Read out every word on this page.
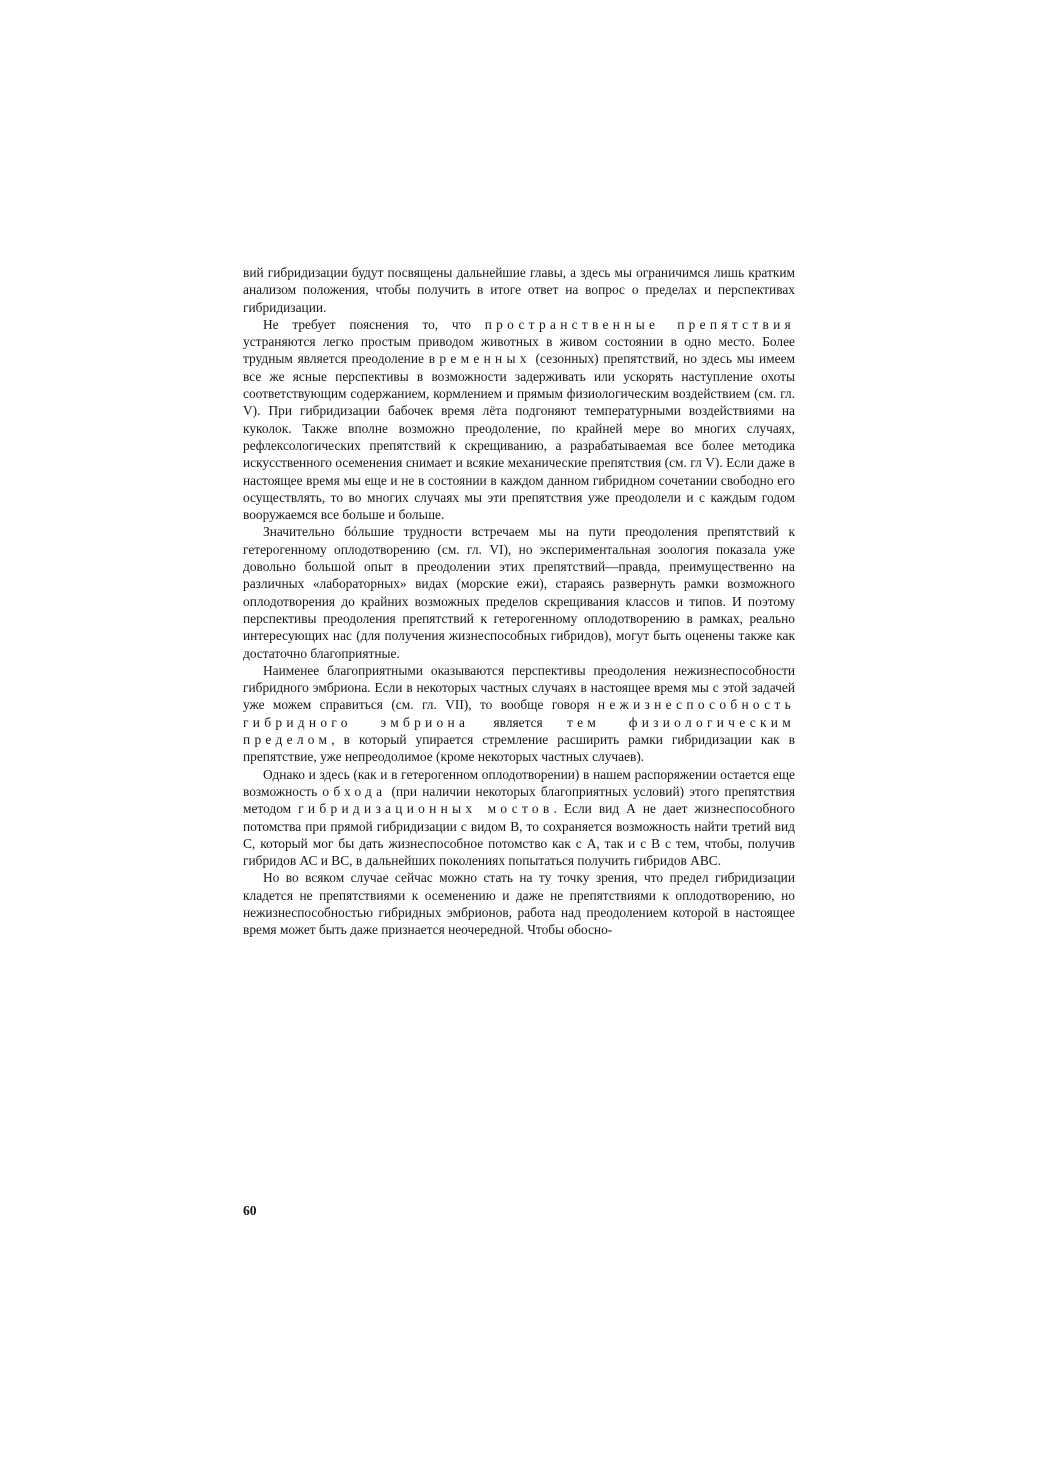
вий гибридизации будут посвящены дальнейшие главы, а здесь мы ограничимся лишь кратким анализом положения, чтобы получить в итоге ответ на вопрос о пределах и перспективах гибридизации.

Не требует пояснения то, что пространственные препятствия устраняются легко простым приводом животных в живом состоянии в одно место. Более трудным является преодоление временных (сезонных) препятствий, но здесь мы имеем все же ясные перспективы в возможности задерживать или ускорять наступление охоты соответствующим содержанием, кормлением и прямым физиологическим воздействием (см. гл. V). При гибридизации бабочек время лёта подгоняют температурными воздействиями на куколок. Также вполне возможно преодоление, по крайней мере во многих случаях, рефлексологических препятствий к скрещиванию, а разрабатываемая все более методика искусственного осеменения снимает и всякие механические препятствия (см. гл V). Если даже в настоящее время мы еще и не в состоянии в каждом данном гибридном сочетании свободно его осуществлять, то во многих случаях мы эти препятствия уже преодолели и с каждым годом вооружаемся все больше и больше.

Значительно бóльшие трудности встречаем мы на пути преодоления препятствий к гетерогенному оплодотворению (см. гл. VI), но экспериментальная зоология показала уже довольно большой опыт в преодолении этих препятствий—правда, преимущественно на различных «лабораторных» видах (морские ежи), стараясь развернуть рамки возможного оплодотворения до крайних возможных пределов скрещивания классов и типов. И поэтому перспективы преодоления препятствий к гетерогенному оплодотворению в рамках, реально интересующих нас (для получения жизнеспособных гибридов), могут быть оценены также как достаточно благоприятные.

Наименее благоприятными оказываются перспективы преодоления нежизнеспособности гибридного эмбриона. Если в некоторых частных случаях в настоящее время мы с этой задачей уже можем справиться (см. гл. VII), то вообще говоря нежизнеспособность гибридного эмбриона является тем физиологическим пределом, в который упирается стремление расширить рамки гибридизации как в препятствие, уже непреодолимое (кроме некоторых частных случаев).

Однако и здесь (как и в гетерогенном оплодотворении) в нашем распоряжении остается еще возможность обхода (при наличии некоторых благоприятных условий) этого препятствия методом гибридизационных мостов. Если вид А не дает жизнеспособного потомства при прямой гибридизации с видом В, то сохраняется возможность найти третий вид С, который мог бы дать жизнеспособное потомство как с А, так и с В с тем, чтобы, получив гибридов АС и ВС, в дальнейших поколениях попытаться получить гибридов АВС.

Но во всяком случае сейчас можно стать на ту точку зрения, что предел гибридизации кладется не препятствиями к осеменению и даже не препятствиями к оплодотворению, но нежизнеспособностью гибридных эмбрионов, работа над преодолением которой в настоящее время может быть даже признается неочередной. Чтобы обосно-

60
